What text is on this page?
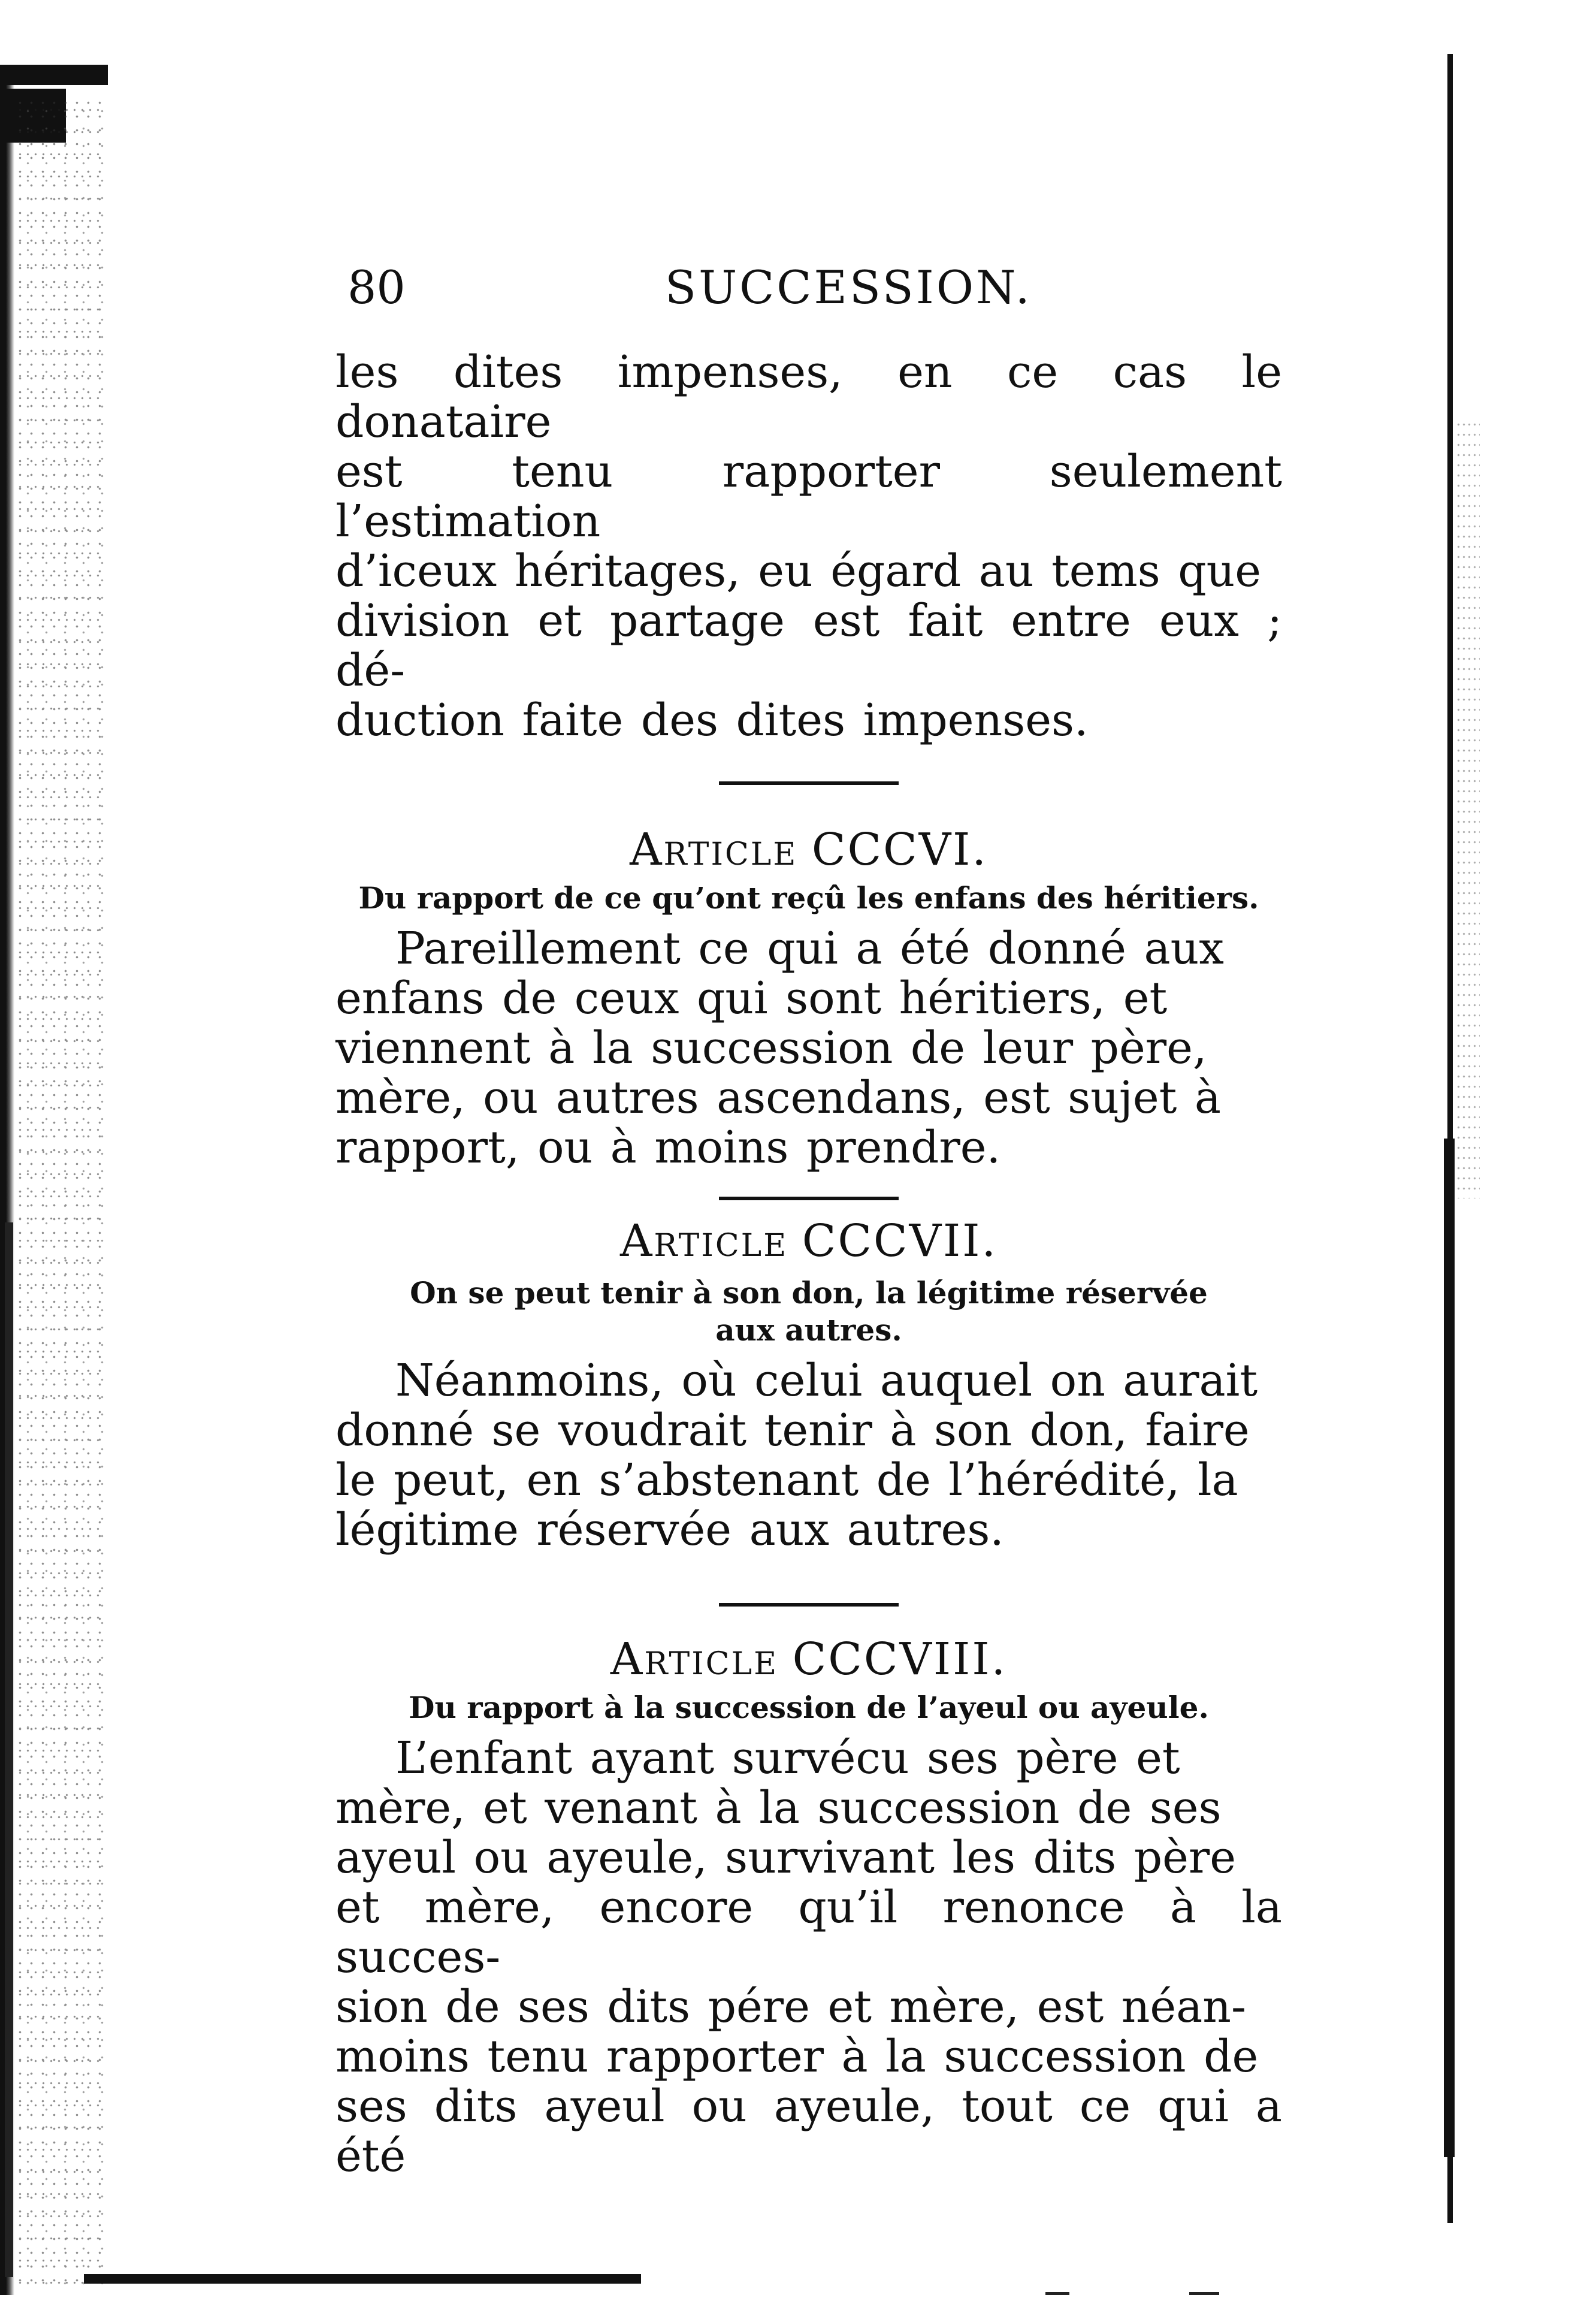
80	SUCCESSION.

les dites impenses, en ce cas le donataire

est tenu rapporter seulement l’estimation

d’iceux héritages, eu égard au tems que

division et partage est fait entre eux ; dé-

duction faite des dites impenses.

Article CCCVI.

Du rapport de ce qu’ont reçû les enfans des héritiers.

Pareillement ce qui a été donné aux

enfans de ceux qui sont héritiers, et

viennent à la succession de leur père,

mère, ou autres ascendans, est sujet à

rapport, ou à moins prendre.

Article CCCVII.

On se peut tenir à son don, la légitime réservée
aux autres.

Néanmoins, où celui auquel on aurait

donné se voudrait tenir à son don, faire

le peut, en s’abstenant de l’hérédité, la

légitime réservée aux autres.

Article CCCVIII.

Du rapport à la succession de l’ayeul ou ayeule.

L’enfant ayant survécu ses père et

mère, et venant à la succession de ses

ayeul ou ayeule, survivant les dits père

et mère, encore qu’il renonce à la succes-

sion de ses dits pére et mère, est néan-

moins tenu rapporter à la succession de

ses dits ayeul ou ayeule, tout ce qui a été
